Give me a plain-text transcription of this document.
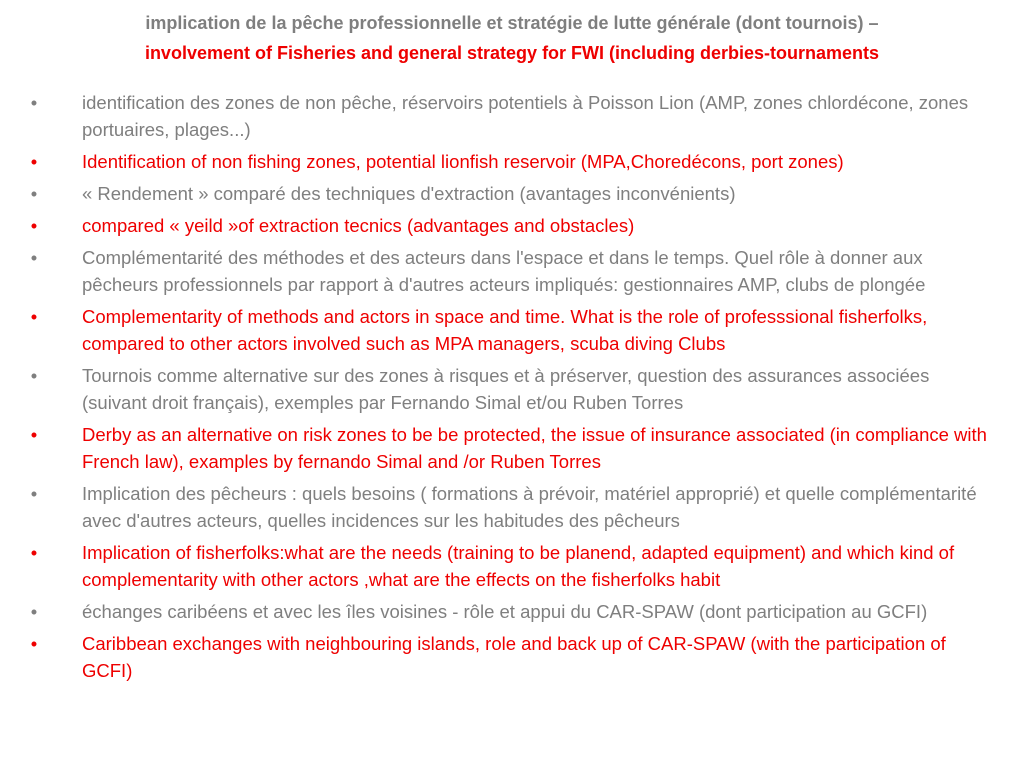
implication de la pêche professionnelle et stratégie de lutte générale (dont tournois) –
involvement of Fisheries and general strategy for FWI (including derbies-tournaments
• identification des zones de non pêche, réservoirs potentiels à Poisson Lion (AMP, zones chlordécone, zones portuaires, plages...)
• Identification of non fishing zones, potential lionfish reservoir (MPA,Choredécons, port zones)
• « Rendement » comparé des techniques d'extraction (avantages inconvénients)
• compared « yeild »of extraction tecnics (advantages and obstacles)
• Complémentarité des méthodes et des acteurs dans l'espace et dans le temps. Quel rôle à donner aux pêcheurs professionnels par rapport à d'autres acteurs impliqués: gestionnaires AMP, clubs de plongée
• Complementarity of methods and actors in space and time. What is the role of professsional fisherfolks, compared to other actors involved such as MPA managers, scuba diving Clubs
• Tournois comme alternative sur des zones à risques et à préserver, question des assurances associées (suivant droit français), exemples par Fernando Simal et/ou Ruben Torres
• Derby as an alternative on risk zones to be be protected, the issue of insurance associated (in compliance with French law), examples by fernando Simal and /or Ruben Torres
• Implication des pêcheurs : quels besoins ( formations à prévoir, matériel approprié) et quelle complémentarité avec d'autres acteurs, quelles incidences sur les habitudes des pêcheurs
• Implication of fisherfolks:what are the needs (training to be planend, adapted equipment) and which kind of complementarity with other actors ,what are the effects on the fisherfolks habit
• échanges caribéens et avec les îles voisines - rôle et appui du CAR-SPAW (dont participation au GCFI)
• Caribbean exchanges with neighbouring islands, role and back up of CAR-SPAW (with the participation of GCFI)
